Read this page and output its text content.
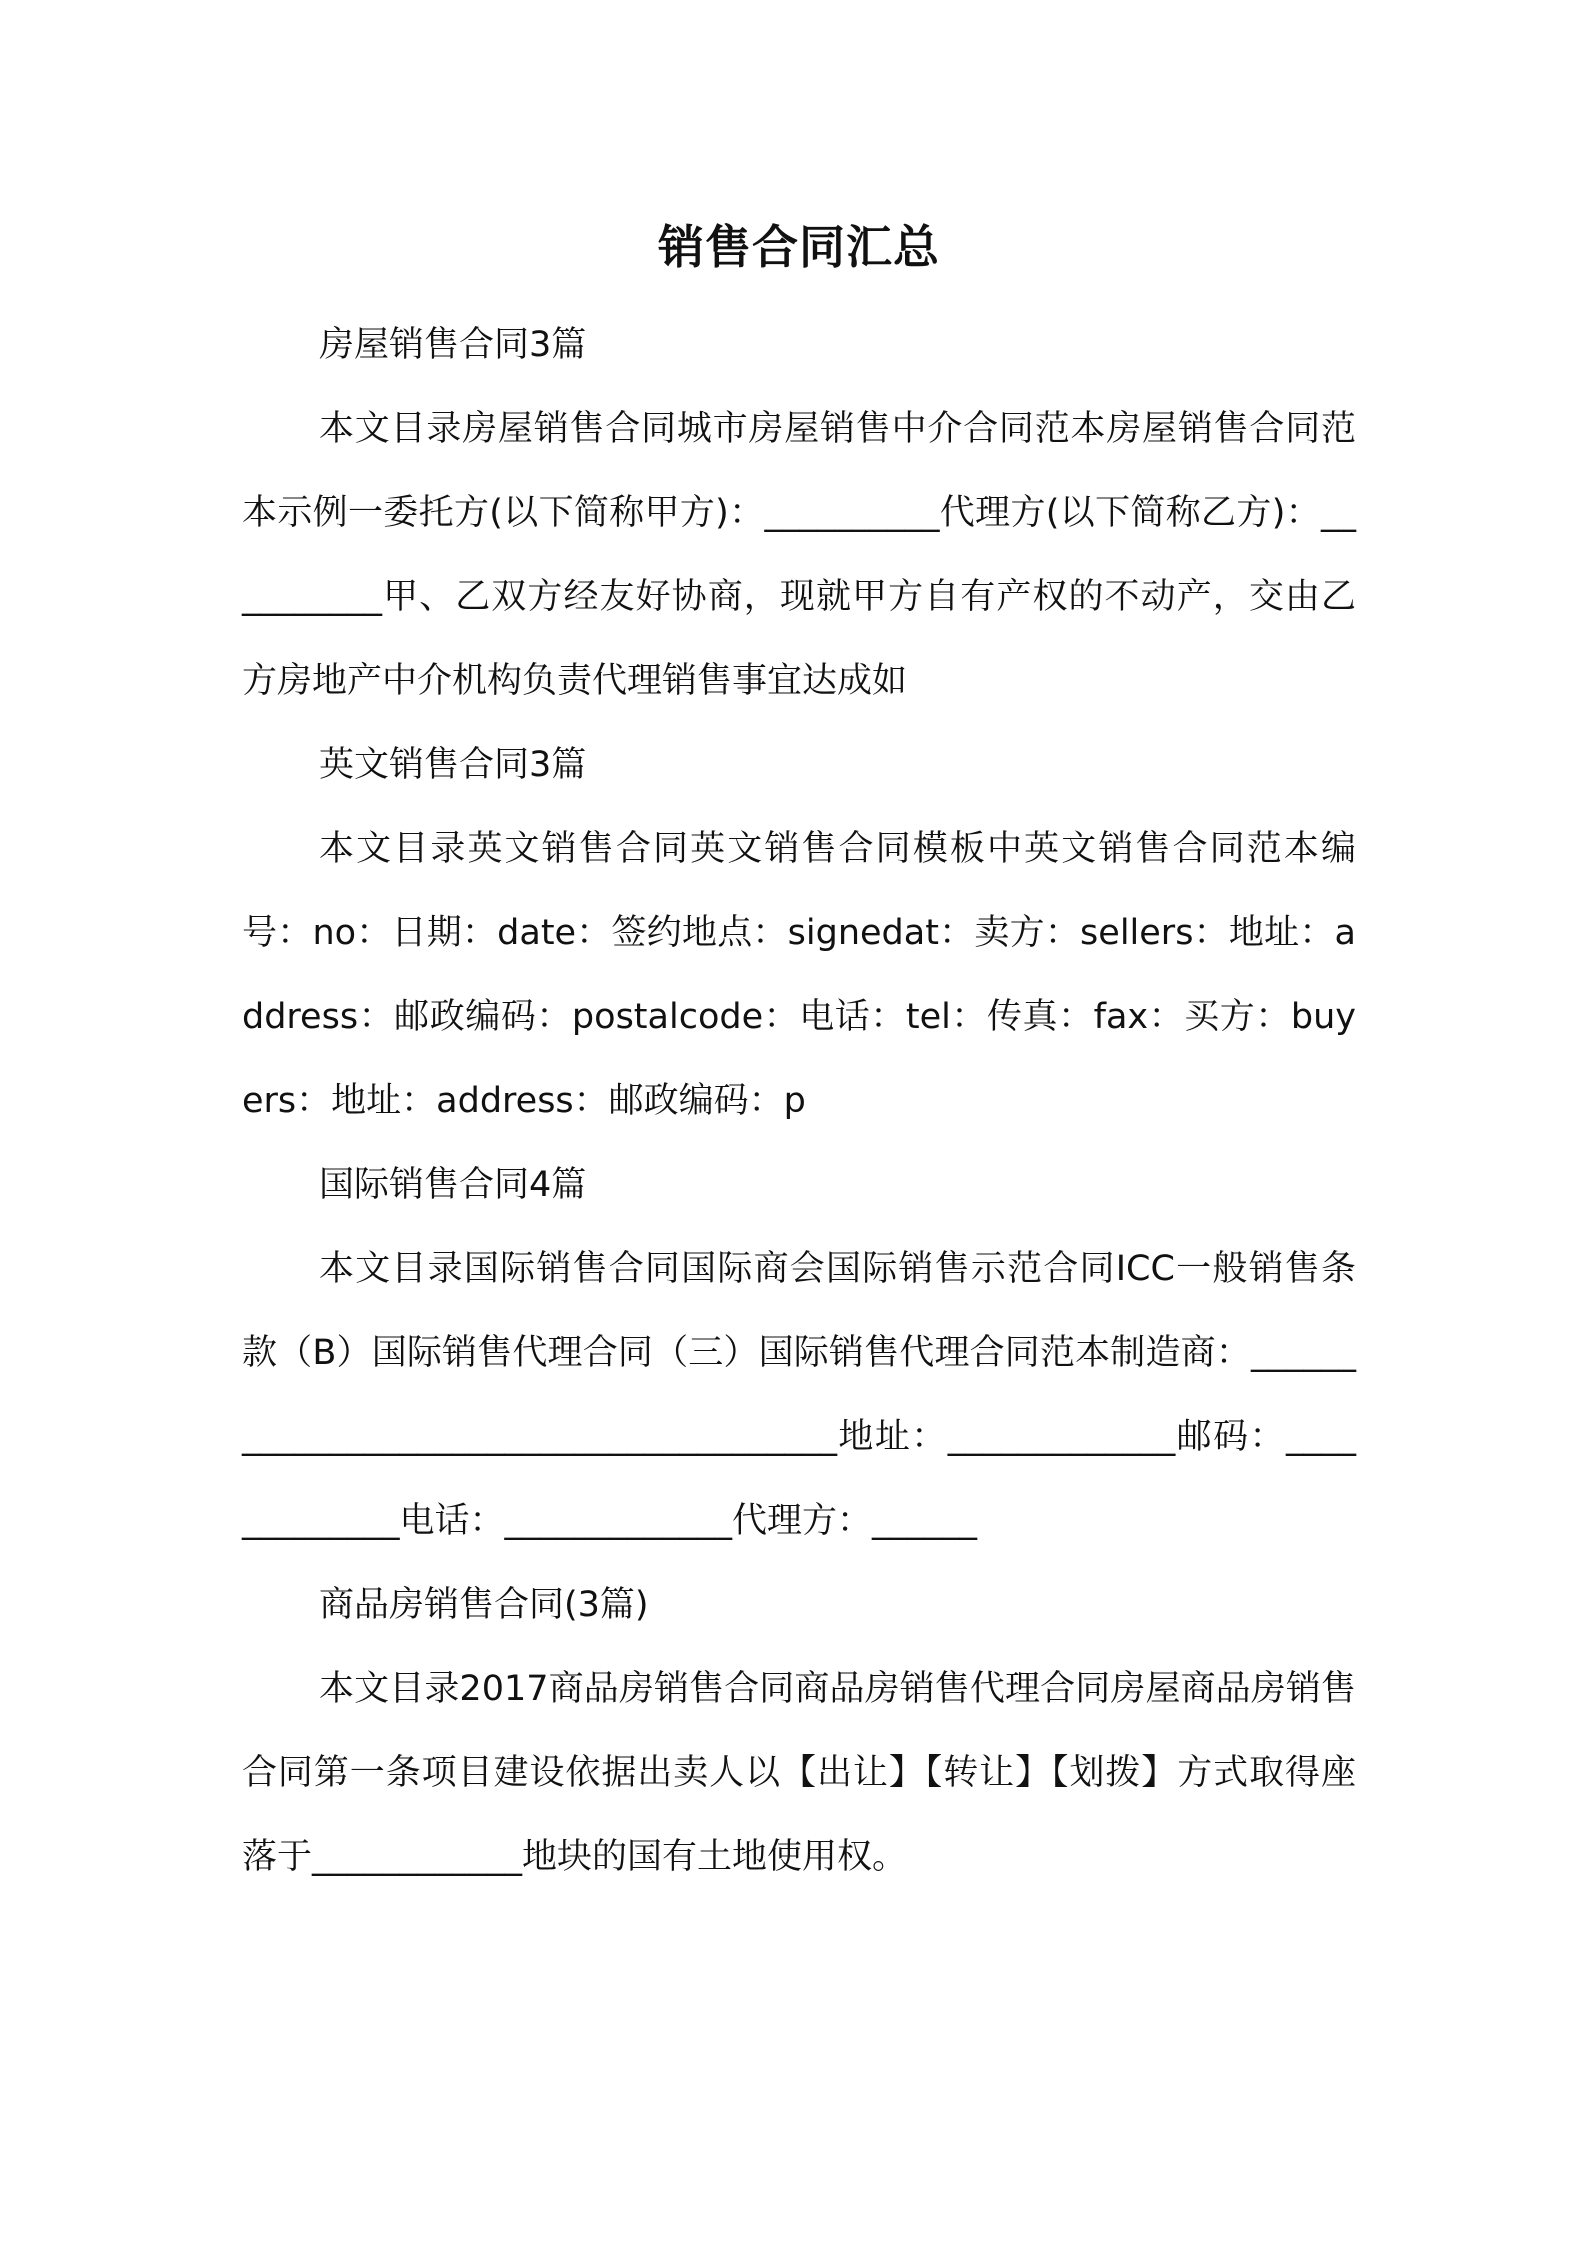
销售合同汇总

房屋销售合同3篇

本文目录房屋销售合同城市房屋销售中介合同范本房屋销售合同范本示例一委托方(以下简称甲方)：__________代理方(以下简称乙方)：__________甲、乙双方经友好协商，现就甲方自有产权的不动产，交由乙方房地产中介机构负责代理销售事宜达成如

英文销售合同3篇

本文目录英文销售合同英文销售合同模板中英文销售合同范本编号：no：日期：date：签约地点：signedat：卖方：sellers：地址：address：邮政编码：postalcode：电话：tel：传真：fax：买方：buyers：地址：address：邮政编码：p

国际销售合同4篇

本文目录国际销售合同国际商会国际销售示范合同ICC一般销售条款（B）国际销售代理合同（三）国际销售代理合同范本制造商：________________________________________地址：_____________邮码：_____________电话：_____________代理方：______

商品房销售合同(3篇)

本文目录2017商品房销售合同商品房销售代理合同房屋商品房销售合同第一条项目建设依据出卖人以【出让】【转让】【划拨】方式取得座落于____________地块的国有土地使用权。
